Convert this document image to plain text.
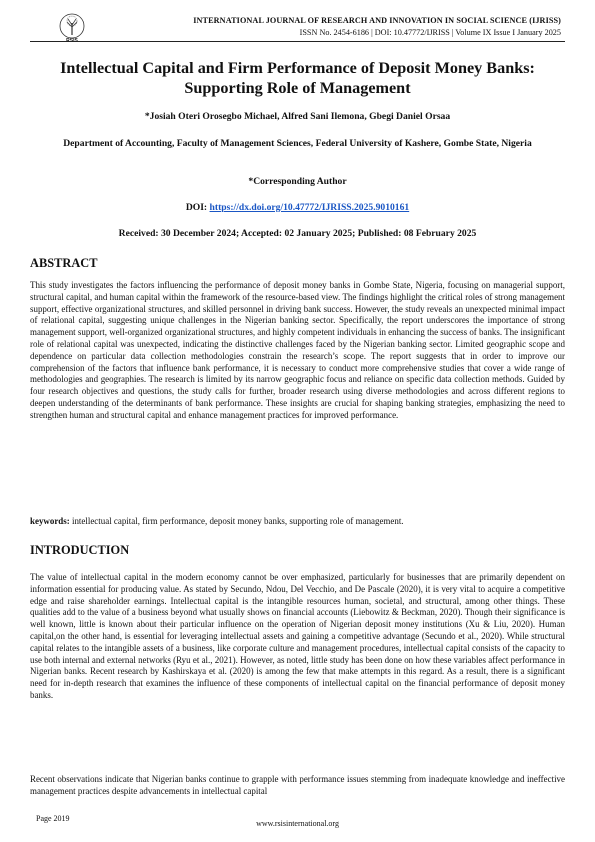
RSIS
INTERNATIONAL JOURNAL OF RESEARCH AND INNOVATION IN SOCIAL SCIENCE (IJRISS)
ISSN No. 2454-6186 | DOI: 10.47772/IJRISS | Volume IX Issue I January 2025
Intellectual Capital and Firm Performance of Deposit Money Banks: Supporting Role of Management
*Josiah Oteri Orosegbo Michael, Alfred Sani Ilemona, Gbegi Daniel Orsaa
Department of Accounting, Faculty of Management Sciences, Federal University of Kashere, Gombe State, Nigeria
*Corresponding Author
DOI: https://dx.doi.org/10.47772/IJRISS.2025.9010161
Received: 30 December 2024; Accepted: 02 January 2025; Published: 08 February 2025
ABSTRACT

This study investigates the factors influencing the performance of deposit money banks in Gombe State, Nigeria, focusing on managerial support, structural capital, and human capital within the framework of the resource-based view. The findings highlight the critical roles of strong management support, effective organizational structures, and skilled personnel in driving bank success. However, the study reveals an unexpected minimal impact of relational capital, suggesting unique challenges in the Nigerian banking sector. Specifically, the report underscores the importance of strong management support, well-organized organizational structures, and highly competent individuals in enhancing the success of banks. The insignificant role of relational capital was unexpected, indicating the distinctive challenges faced by the Nigerian banking sector. Limited geographic scope and dependence on particular data collection methodologies constrain the research’s scope. The report suggests that in order to improve our comprehension of the factors that influence bank performance, it is necessary to conduct more comprehensive studies that cover a wide range of methodologies and geographies. The research is limited by its narrow geographic focus and reliance on specific data collection methods. Guided by four research objectives and questions, the study calls for further, broader research using diverse methodologies and across different regions to deepen understanding of the determinants of bank performance. These insights are crucial for shaping banking strategies, emphasizing the need to strengthen human and structural capital and enhance management practices for improved performance.

keywords: intellectual capital, firm performance, deposit money banks, supporting role of management.
INTRODUCTION

The value of intellectual capital in the modern economy cannot be over emphasized, particularly for businesses that are primarily dependent on information essential for producing value. As stated by Secundo, Ndou, Del Vecchio, and De Pascale (2020), it is very vital to acquire a competitive edge and raise shareholder earnings. Intellectual capital is the intangible resources human, societal, and structural, among other things. These qualities add to the value of a business beyond what usually shows on financial accounts (Liebowitz & Beckman, 2020). Though their significance is well known, little is known about their particular influence on the operation of Nigerian deposit money institutions (Xu & Liu, 2020). Human capital,on the other hand, is essential for leveraging intellectual assets and gaining a competitive advantage (Secundo et al., 2020). While structural capital relates to the intangible assets of a business, like corporate culture and management procedures, intellectual capital consists of the capacity to use both internal and external networks (Ryu et al., 2021). However, as noted, little study has been done on how these variables affect performance in Nigerian banks. Recent research by Kashirskaya et al. (2020) is among the few that make attempts in this regard. As a result, there is a significant need for in-depth research that examines the influence of these components of intellectual capital on the financial performance of deposit money banks.

Recent observations indicate that Nigerian banks continue to grapple with performance issues stemming from inadequate knowledge and ineffective management practices despite advancements in intellectual capital

Page 2019
www.rsisinternational.org
